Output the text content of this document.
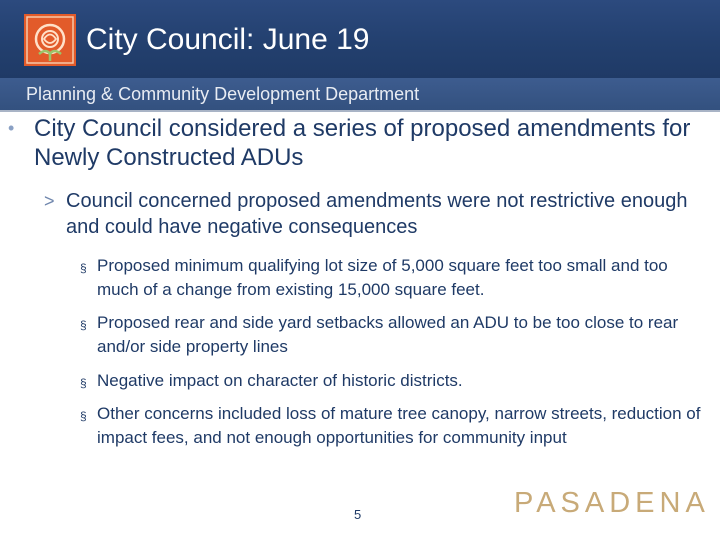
City Council: June 19
Planning & Community Development Department
• City Council considered a series of proposed amendments for Newly Constructed ADUs
> Council concerned proposed amendments were not restrictive enough and could have negative consequences
§ Proposed minimum qualifying lot size of 5,000 square feet too small and too much of a change from existing 15,000 square feet.
§ Proposed rear and side yard setbacks allowed an ADU to be too close to rear and/or side property lines
§ Negative impact on character of historic districts.
§ Other concerns included loss of mature tree canopy, narrow streets, reduction of impact fees, and not enough opportunities for community input
5	PASADENA
